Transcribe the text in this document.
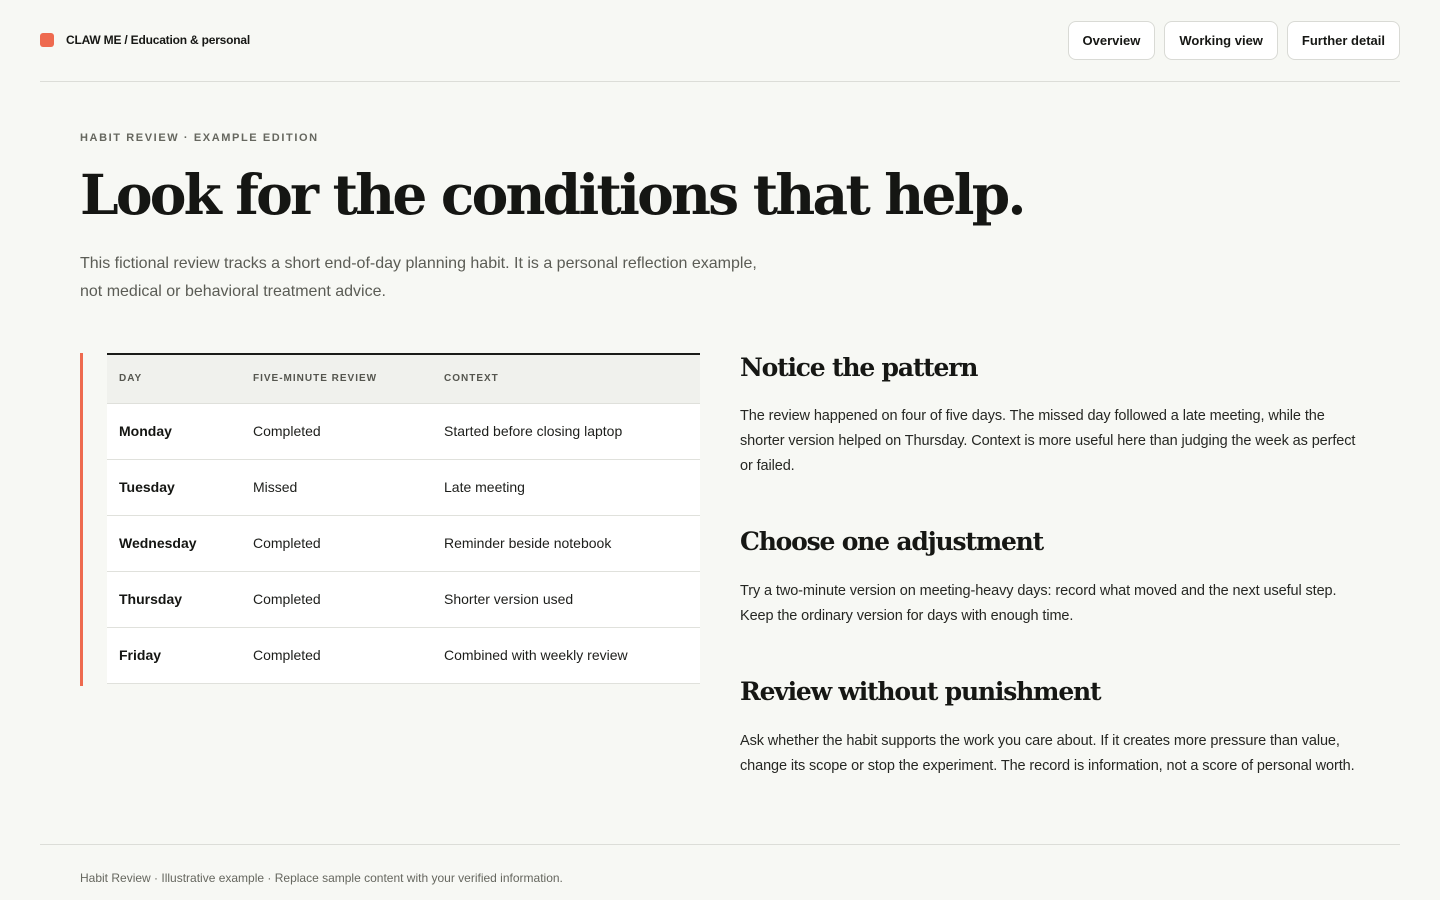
CLAW ME / Education & personal	Overview	Working view	Further detail
HABIT REVIEW · EXAMPLE EDITION
Look for the conditions that help.

This fictional review tracks a short end-of-day planning habit. It is a personal reflection example, not medical or behavioral treatment advice.

DAY	FIVE-MINUTE REVIEW	CONTEXT
Monday	Completed	Started before closing laptop
Tuesday	Missed	Late meeting
Wednesday	Completed	Reminder beside notebook
Thursday	Completed	Shorter version used
Friday	Completed	Combined with weekly review
Notice the pattern

The review happened on four of five days. The missed day followed a late meeting, while the shorter version helped on Thursday. Context is more useful here than judging the week as perfect or failed.

Choose one adjustment

Try a two-minute version on meeting-heavy days: record what moved and the next useful step. Keep the ordinary version for days with enough time.

Review without punishment

Ask whether the habit supports the work you care about. If it creates more pressure than value, change its scope or stop the experiment. The record is information, not a score of personal worth.

Habit Review · Illustrative example · Replace sample content with your verified information.
